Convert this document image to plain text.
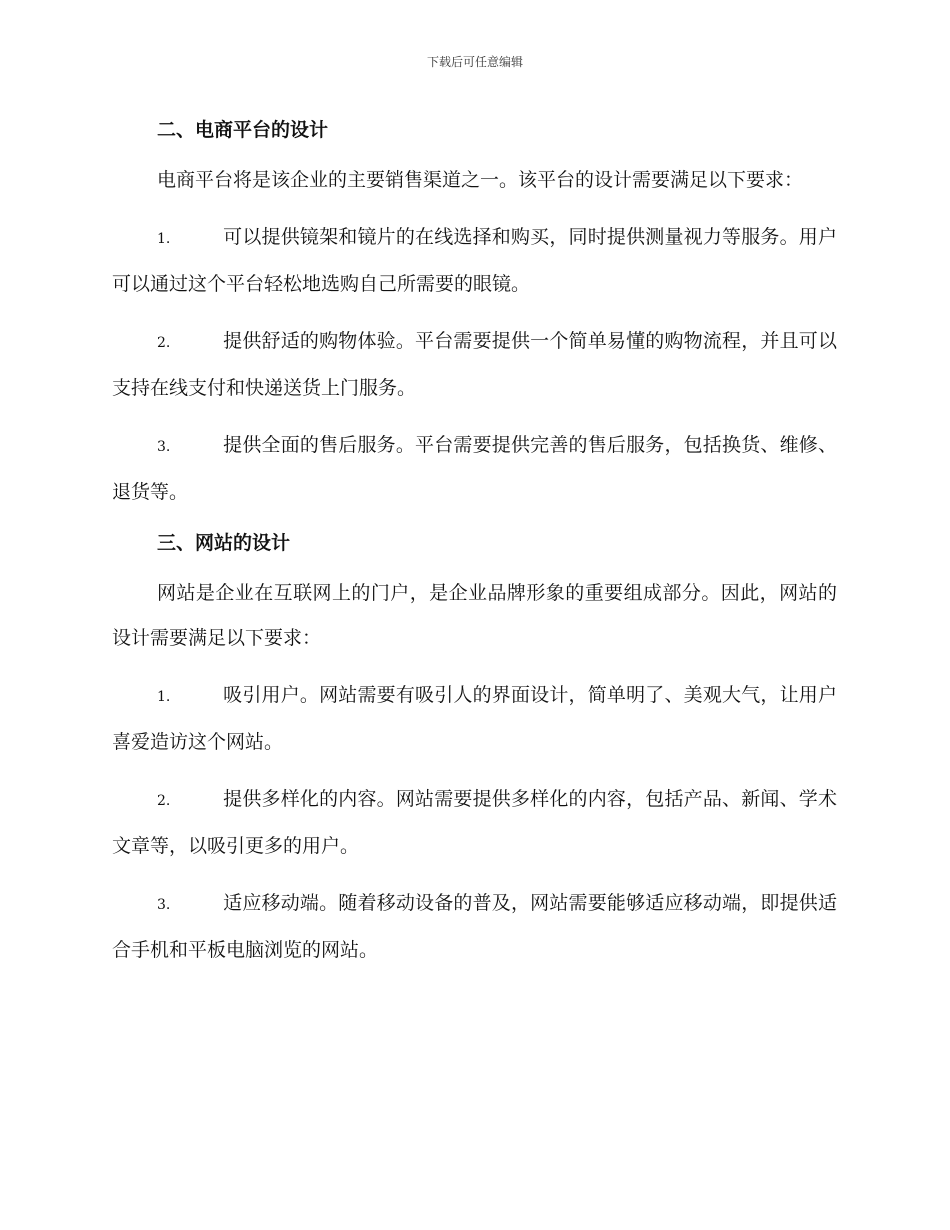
下载后可任意编辑
二、电商平台的设计

电商平台将是该企业的主要销售渠道之一。该平台的设计需要满足以下要求：

1.	可以提供镜架和镜片的在线选择和购买，同时提供测量视力等服务。用户可以通过这个平台轻松地选购自己所需要的眼镜。

2.	提供舒适的购物体验。平台需要提供一个简单易懂的购物流程，并且可以支持在线支付和快递送货上门服务。

3.	提供全面的售后服务。平台需要提供完善的售后服务，包括换货、维修、退货等。

三、网站的设计

网站是企业在互联网上的门户，是企业品牌形象的重要组成部分。因此，网站的设计需要满足以下要求：

1.	吸引用户。网站需要有吸引人的界面设计，简单明了、美观大气，让用户喜爱造访这个网站。

2.	提供多样化的内容。网站需要提供多样化的内容，包括产品、新闻、学术文章等，以吸引更多的用户。

3.	适应移动端。随着移动设备的普及，网站需要能够适应移动端，即提供适合手机和平板电脑浏览的网站。
